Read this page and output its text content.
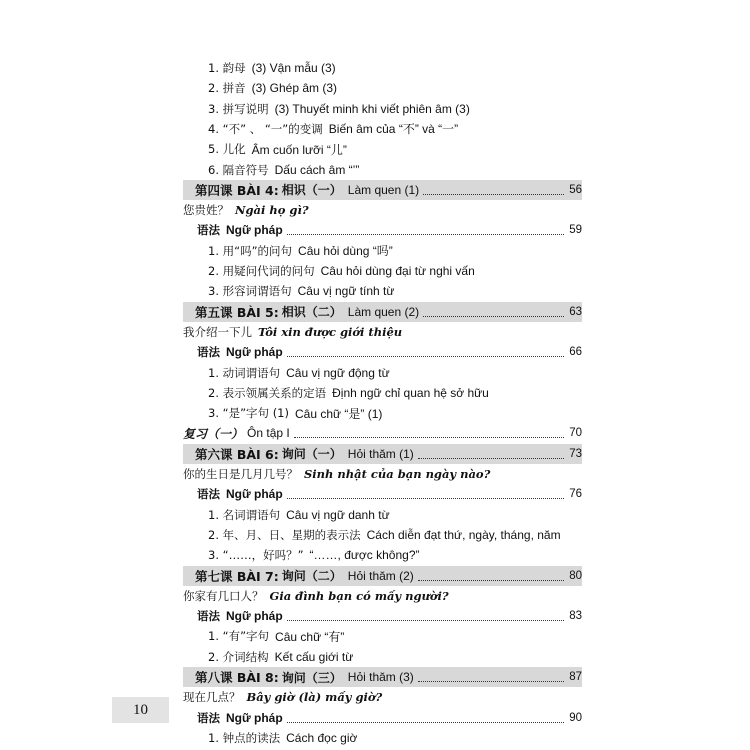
1. 韵母 (3) Vận mẫu (3)
2. 拼音 (3) Ghép âm (3)
3. 拼写说明 (3) Thuyết minh khi viết phiên âm (3)
4. “不” 、 “一”的变调 Biến âm của “不” và “一”
5. 儿化 Âm cuốn lưỡi “儿”
6. 隔音符号 Dấu cách âm “’”
第四课 BÀI 4: 相识（一） Làm quen (1)	56
您贵姓？ Ngài họ gì?
语法 Ngữ pháp	59
1. 用“吗”的问句 Câu hỏi dùng “吗”
2. 用疑问代词的问句 Câu hỏi dùng đại từ nghi vấn
3. 形容词谓语句 Câu vị ngữ tính từ
第五课 BÀI 5: 相识（二） Làm quen (2)	63
我介绍一下儿 Tôi xin được giới thiệu
语法 Ngữ pháp	66
1. 动词谓语句 Câu vị ngữ động từ
2. 表示领属关系的定语 Định ngữ chỉ quan hệ sở hữu
3. “是”字句 (1) Câu chữ “是” (1)
复习（一） Ôn tập I	70
第六课 BÀI 6: 询问（一） Hỏi thăm (1)	73
你的生日是几月几号？ Sinh nhật của bạn ngày nào?
语法 Ngữ pháp	76
1. 名词谓语句 Câu vị ngữ danh từ
2. 年、月、日、星期的表示法 Cách diễn đạt thứ, ngày, tháng, năm
3. “……，好吗？” “……, được không?”
第七课 BÀI 7: 询问（二） Hỏi thăm (2)	80
你家有几口人？ Gia đình bạn có mấy người?
语法 Ngữ pháp	83
1. “有”字句 Câu chữ “有”
2. 介词结构 Kết cấu giới từ
第八课 BÀI 8: 询问（三） Hỏi thăm (3)	87
现在几点？ Bây giờ (là) mấy giờ?
语法 Ngữ pháp	90
1. 钟点的读法 Cách đọc giờ
10
